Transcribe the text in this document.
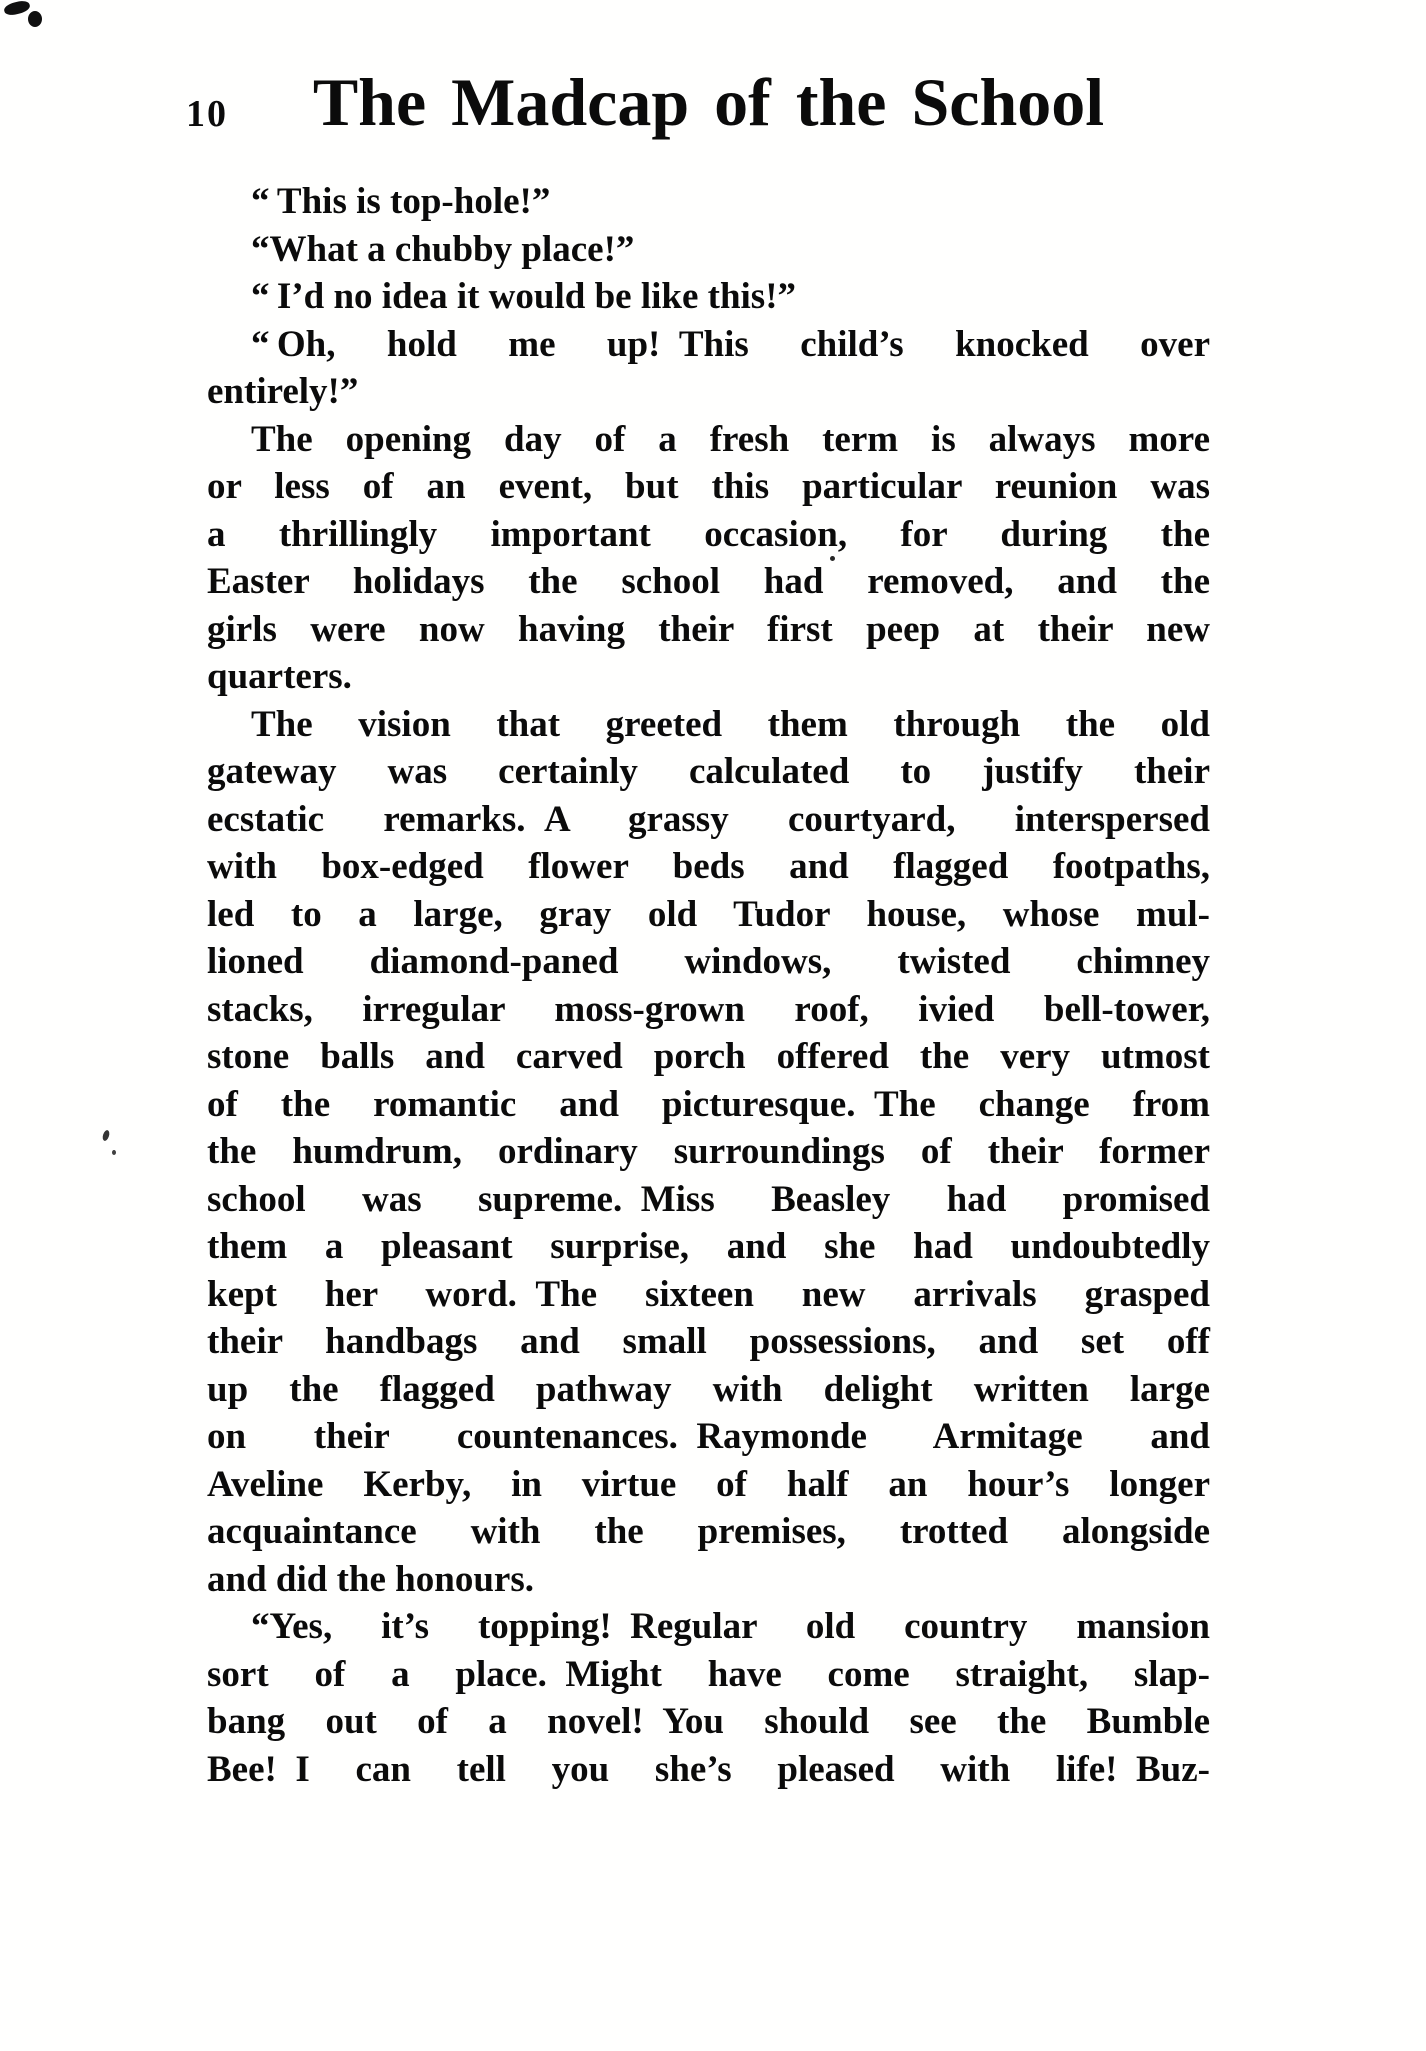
10	The Madcap of the School
“ This is top-hole!”
“What a chubby place!”
“ I’d no idea it would be like this!”
“ Oh, hold me up! This child’s knocked over
entirely!”
The opening day of a fresh term is always more
or less of an event, but this particular reunion was
a thrillingly important occasion, for during the
Easter holidays the school had removed, and the
girls were now having their first peep at their new
quarters.
The vision that greeted them through the old
gateway was certainly calculated to justify their
ecstatic remarks. A grassy courtyard, interspersed
with box-edged flower beds and flagged footpaths,
led to a large, gray old Tudor house, whose mul-
lioned diamond-paned windows, twisted chimney
stacks, irregular moss-grown roof, ivied bell-tower,
stone balls and carved porch offered the very utmost
of the romantic and picturesque. The change from
the humdrum, ordinary surroundings of their former
school was supreme. Miss Beasley had promised
them a pleasant surprise, and she had undoubtedly
kept her word. The sixteen new arrivals grasped
their handbags and small possessions, and set off
up the flagged pathway with delight written large
on their countenances. Raymonde Armitage and
Aveline Kerby, in virtue of half an hour’s longer
acquaintance with the premises, trotted alongside
and did the honours.
“Yes, it’s topping! Regular old country mansion
sort of a place. Might have come straight, slap-
bang out of a novel! You should see the Bumble
Bee! I can tell you she’s pleased with life! Buz-
